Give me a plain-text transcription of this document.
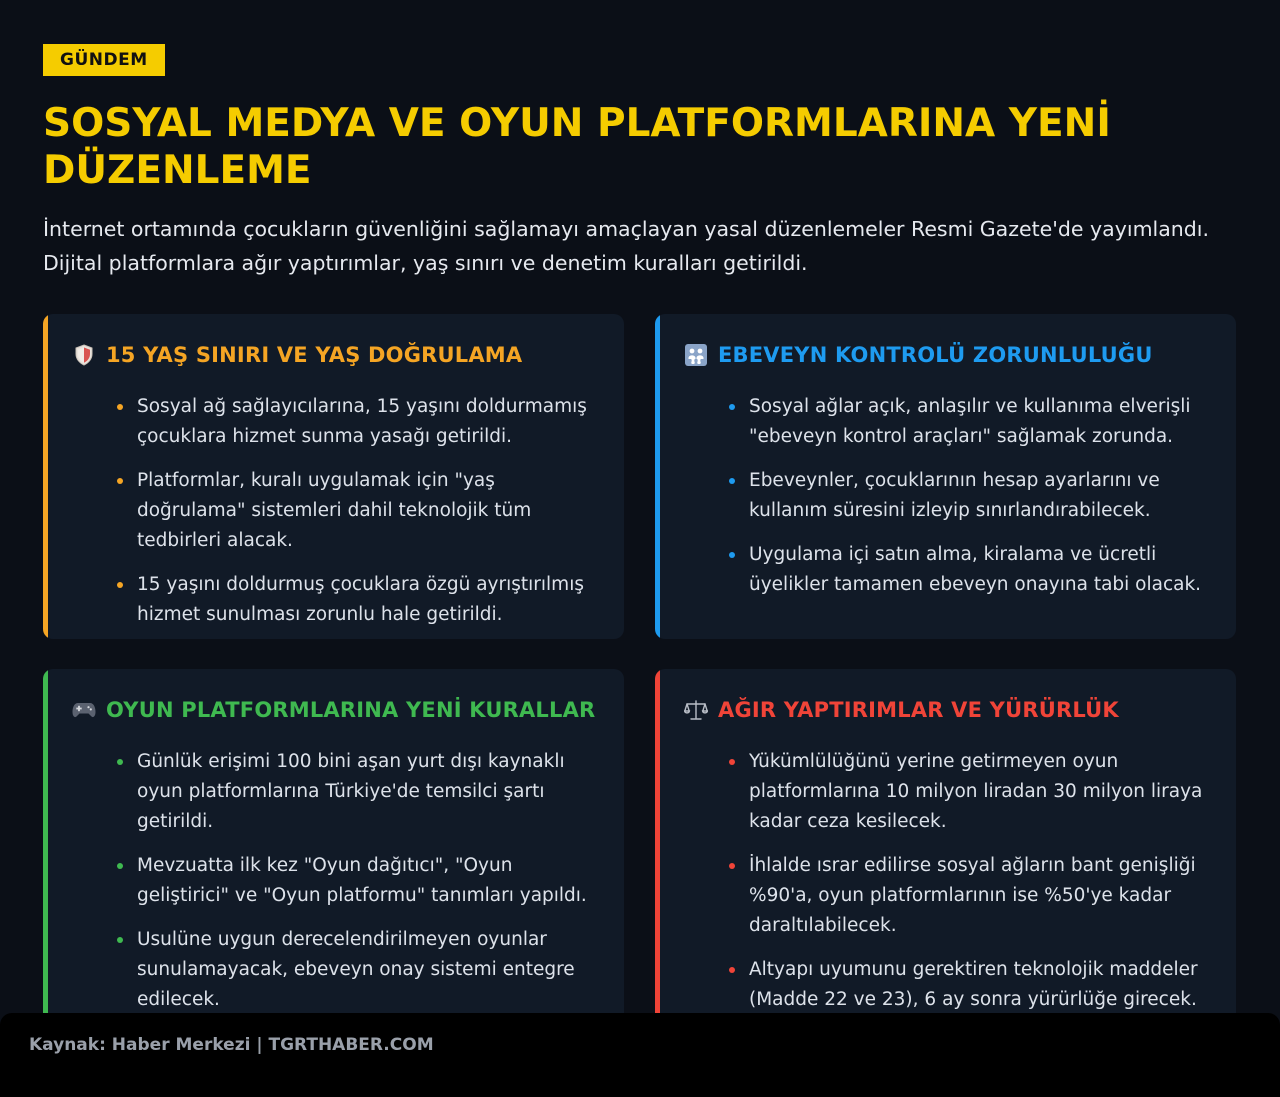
GÜNDEM
SOSYAL MEDYA VE OYUN PLATFORMLARINA YENİ DÜZENLEME

İnternet ortamında çocukların güvenliğini sağlamayı amaçlayan yasal düzenlemeler Resmi Gazete'de yayımlandı. Dijital platformlara ağır yaptırımlar, yaş sınırı ve denetim kuralları getirildi.

15 YAŞ SINIRI VE YAŞ DOĞRULAMA
Sosyal ağ sağlayıcılarına, 15 yaşını doldurmamış çocuklara hizmet sunma yasağı getirildi.
Platformlar, kuralı uygulamak için "yaş doğrulama" sistemleri dahil teknolojik tüm tedbirleri alacak.
15 yaşını doldurmuş çocuklara özgü ayrıştırılmış hizmet sunulması zorunlu hale getirildi.
EBEVEYN KONTROLÜ ZORUNLULUĞU
Sosyal ağlar açık, anlaşılır ve kullanıma elverişli "ebeveyn kontrol araçları" sağlamak zorunda.
Ebeveynler, çocuklarının hesap ayarlarını ve kullanım süresini izleyip sınırlandırabilecek.
Uygulama içi satın alma, kiralama ve ücretli üyelikler tamamen ebeveyn onayına tabi olacak.
OYUN PLATFORMLARINA YENİ KURALLAR
Günlük erişimi 100 bini aşan yurt dışı kaynaklı oyun platformlarına Türkiye'de temsilci şartı getirildi.
Mevzuatta ilk kez "Oyun dağıtıcı", "Oyun geliştirici" ve "Oyun platformu" tanımları yapıldı.
Usulüne uygun derecelendirilmeyen oyunlar sunulamayacak, ebeveyn onay sistemi entegre edilecek.
AĞIR YAPTIRIMLAR VE YÜRÜRLÜK
Yükümlülüğünü yerine getirmeyen oyun platformlarına 10 milyon liradan 30 milyon liraya kadar ceza kesilecek.
İhlalde ısrar edilirse sosyal ağların bant genişliği %90'a, oyun platformlarının ise %50'ye kadar daraltılabilecek.
Altyapı uyumunu gerektiren teknolojik maddeler (Madde 22 ve 23), 6 ay sonra yürürlüğe girecek.
Kaynak: Haber Merkezi | TGRTHABER.COM
